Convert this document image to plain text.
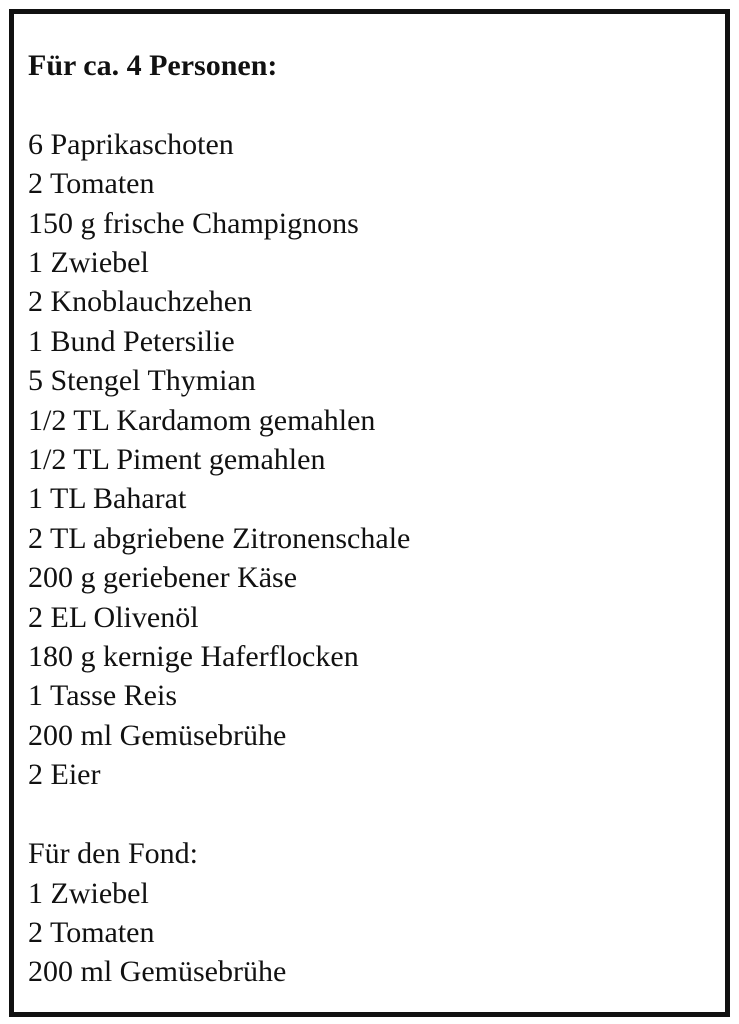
Für ca. 4 Personen:
6 Paprikaschoten
2 Tomaten
150 g frische Champignons
1 Zwiebel
2 Knoblauchzehen
1 Bund Petersilie
5 Stengel Thymian
1/2 TL Kardamom gemahlen
1/2 TL Piment gemahlen
1 TL Baharat
2 TL abgriebene Zitronenschale
200 g geriebener Käse
2 EL Olivenöl
180 g kernige Haferflocken
1 Tasse Reis
200 ml Gemüsebrühe
2 Eier
Für den Fond:
1 Zwiebel
2 Tomaten
200 ml Gemüsebrühe
